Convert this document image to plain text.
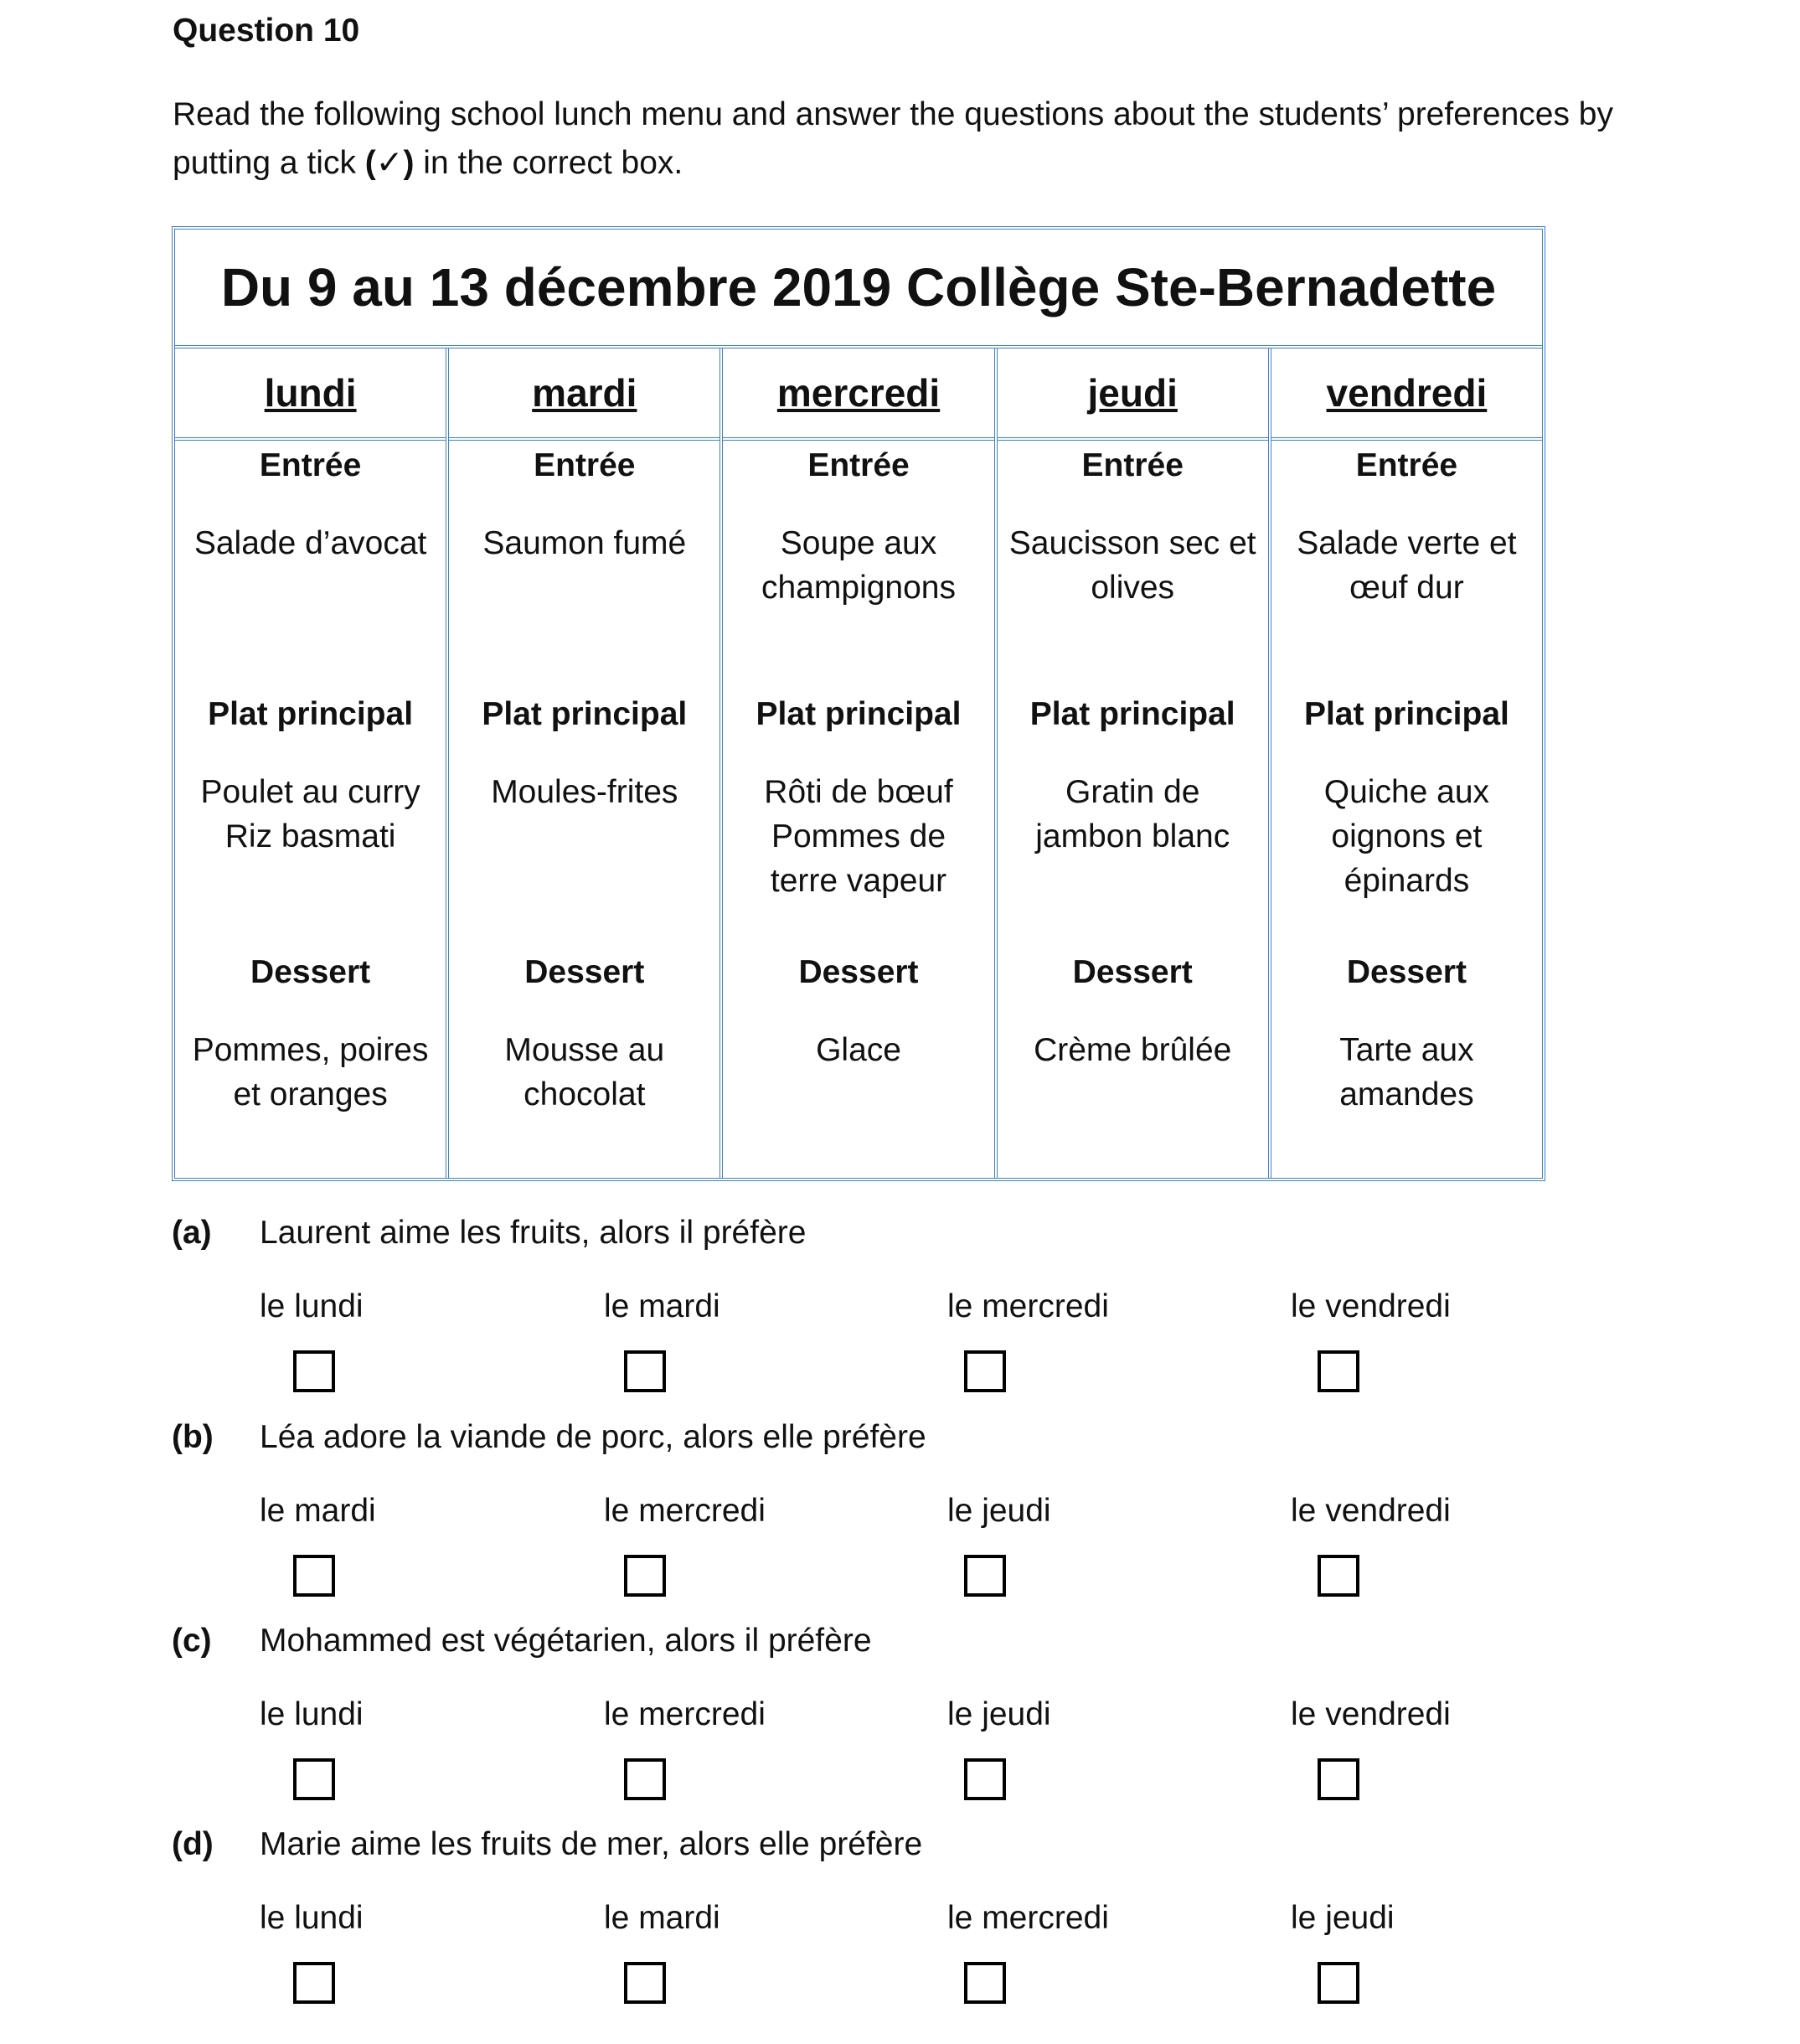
Question 10

Read the following school lunch menu and answer the questions about the students’ preferences by putting a tick (✓) in the correct box.

Du 9 au 13 décembre 2019 Collège Ste-Bernadette
lundi
Entrée
Salade d’avocat
Plat principal
Poulet au curry
Riz basmati
Dessert
Pommes, poires
et oranges
mardi
Entrée
Saumon fumé
Plat principal
Moules-frites
Dessert
Mousse au
chocolat
mercredi
Entrée
Soupe aux
champignons
Plat principal
Rôti de bœuf
Pommes de
terre vapeur
Dessert
Glace
jeudi
Entrée
Saucisson sec et
olives
Plat principal
Gratin de
jambon blanc
Dessert
Crème brûlée
vendredi
Entrée
Salade verte et
œuf dur
Plat principal
Quiche aux
oignons et
épinards
Dessert
Tarte aux
amandes
(a) Laurent aime les fruits, alors il préfère
le lundi	le mardi	le mercredi	le vendredi
(b) Léa adore la viande de porc, alors elle préfère
le mardi	le mercredi	le jeudi	le vendredi
(c) Mohammed est végétarien, alors il préfère
le lundi	le mercredi	le jeudi	le vendredi
(d) Marie aime les fruits de mer, alors elle préfère
le lundi	le mardi	le mercredi	le jeudi
